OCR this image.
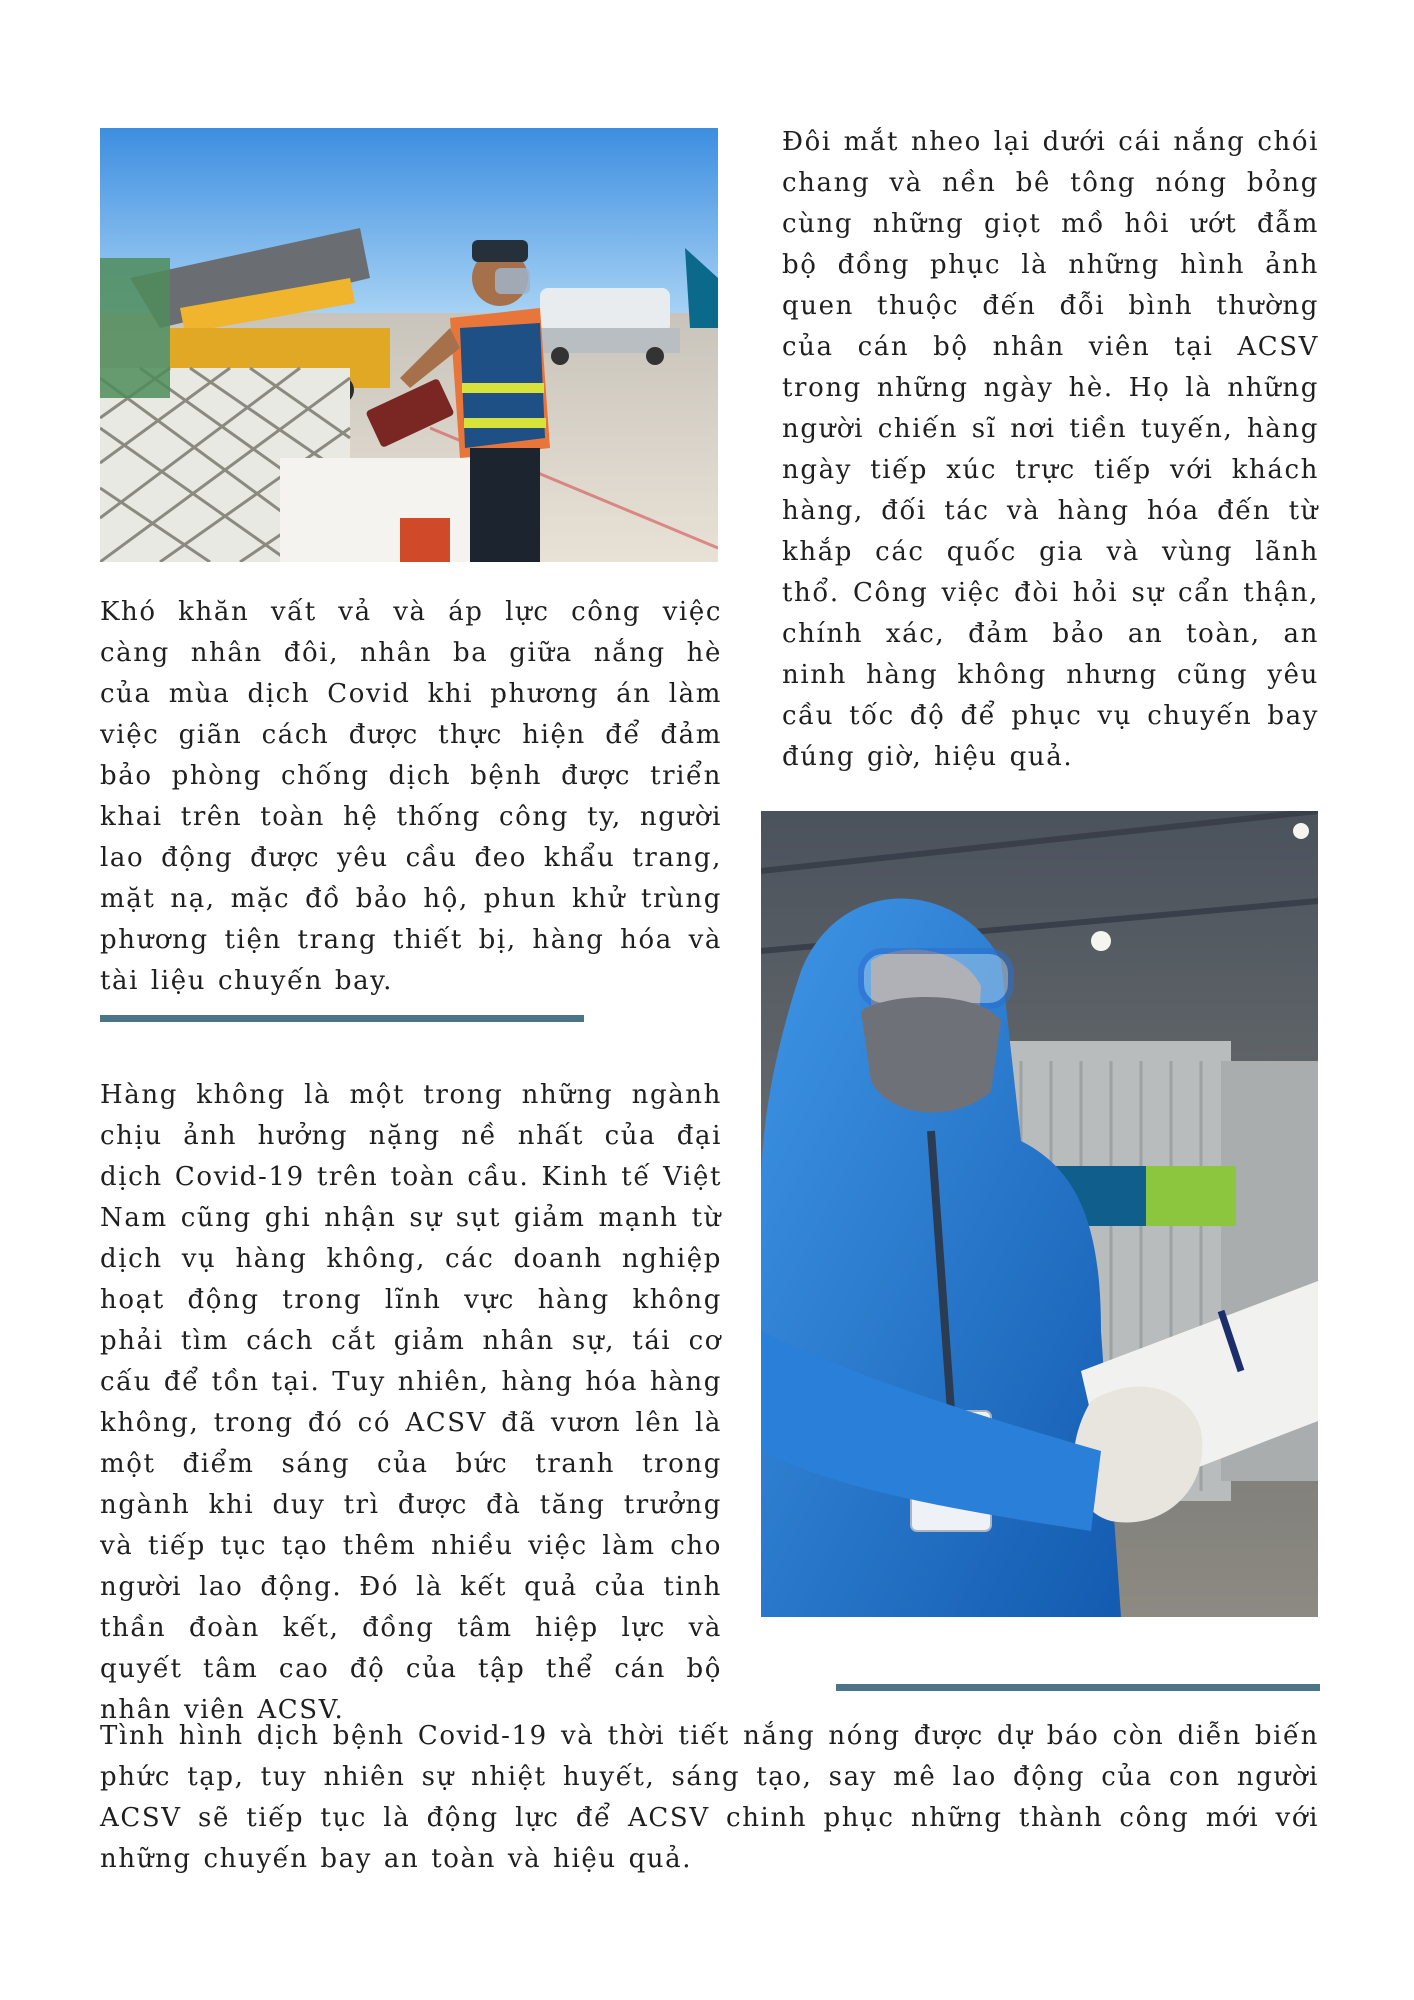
Đôi mắt nheo lại dưới cái nắng chói chang và nền bê tông nóng bỏng cùng những giọt mồ hôi ướt đẫm bộ đồng phục là những hình ảnh quen thuộc đến đỗi bình thường của cán bộ nhân viên tại ACSV trong những ngày hè. Họ là những người chiến sĩ nơi tiền tuyến, hàng ngày tiếp xúc trực tiếp với khách hàng, đối tác và hàng hóa đến từ khắp các quốc gia và vùng lãnh thổ. Công việc đòi hỏi sự cẩn thận, chính xác, đảm bảo an toàn, an ninh hàng không nhưng cũng yêu cầu tốc độ để phục vụ chuyến bay đúng giờ, hiệu quả.

Khó khăn vất vả và áp lực công việc càng nhân đôi, nhân ba giữa nắng hè của mùa dịch Covid khi phương án làm việc giãn cách được thực hiện để đảm bảo phòng chống dịch bệnh được triển khai trên toàn hệ thống công ty, người lao động được yêu cầu đeo khẩu trang, mặt nạ, mặc đồ bảo hộ, phun khử trùng phương tiện trang thiết bị, hàng hóa và tài liệu chuyến bay.

Hàng không là một trong những ngành chịu ảnh hưởng nặng nề nhất của đại dịch Covid-19 trên toàn cầu. Kinh tế Việt Nam cũng ghi nhận sự sụt giảm mạnh từ dịch vụ hàng không, các doanh nghiệp hoạt động trong lĩnh vực hàng không phải tìm cách cắt giảm nhân sự, tái cơ cấu để tồn tại. Tuy nhiên, hàng hóa hàng không, trong đó có ACSV đã vươn lên là một điểm sáng của bức tranh trong ngành khi duy trì được đà tăng trưởng và tiếp tục tạo thêm nhiều việc làm cho người lao động. Đó là kết quả của tinh thần đoàn kết, đồng tâm hiệp lực và quyết tâm cao độ của tập thể cán bộ nhân viên ACSV.

Tình hình dịch bệnh Covid-19 và thời tiết nắng nóng được dự báo còn diễn biến phức tạp, tuy nhiên sự nhiệt huyết, sáng tạo, say mê lao động của con người ACSV sẽ tiếp tục là động lực để ACSV chinh phục những thành công mới với những chuyến bay an toàn và hiệu quả.
